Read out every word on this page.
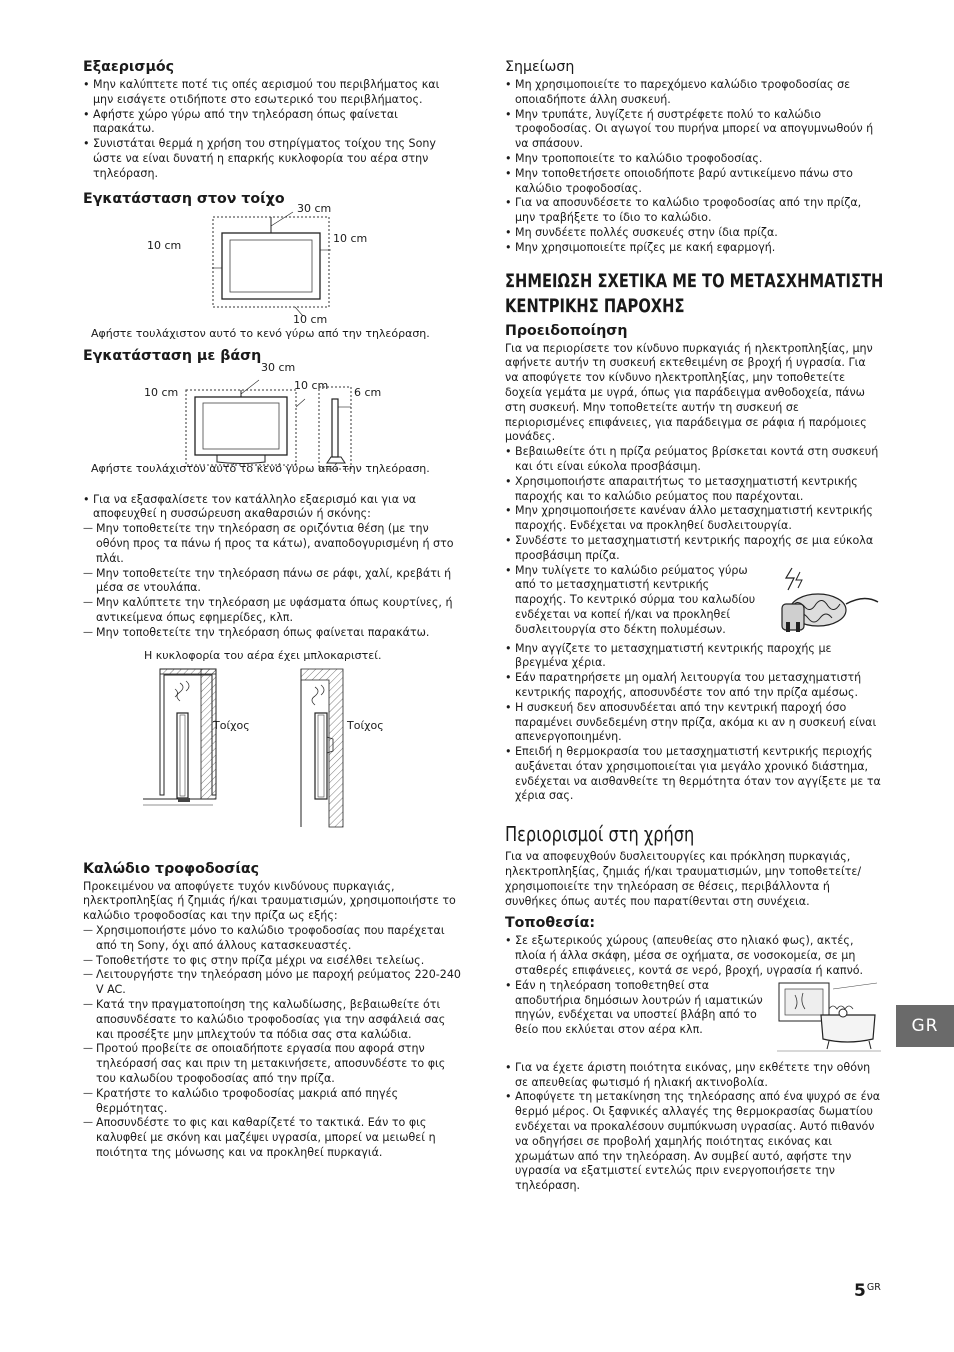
Εξαερισμός
• Μην καλύπτετε ποτέ τις οπές αερισμού του περιβλήματος και μην εισάγετε οτιδήποτε στο εσωτερικό του περιβλήματος.
• Αφήστε χώρο γύρω από την τηλεόραση όπως φαίνεται παρακάτω.
• Συνιστάται θερμά η χρήση του στηρίγματος τοίχου της Sony ώστε να είναι δυνατή η επαρκής κυκλοφορία του αέρα στην τηλεόραση.
Εγκατάσταση στον τοίχο
30 cm
10 cm
10 cm
10 cm
Αφήστε τουλάχιστον αυτό το κενό γύρω από την τηλεόραση.
Εγκατάσταση με βάση
30 cm
10 cm
10 cm
6 cm
Αφήστε τουλάχιστον αυτό το κενό γύρω από την τηλεόραση.
• Για να εξασφαλίσετε τον κατάλληλο εξαερισμό και για να αποφευχθεί η συσσώρευση ακαθαρσιών ή σκόνης:
— Μην τοποθετείτε την τηλεόραση σε οριζόντια θέση (με την οθόνη προς τα πάνω ή προς τα κάτω), αναποδογυρισμένη ή στο πλάι.
— Μην τοποθετείτε την τηλεόραση πάνω σε ράφι, χαλί, κρεβάτι ή μέσα σε ντουλάπα.
— Μην καλύπτετε την τηλεόραση με υφάσματα όπως κουρτίνες, ή αντικείμενα όπως εφημερίδες, κλπ.
— Μην τοποθετείτε την τηλεόραση όπως φαίνεται παρακάτω.
Η κυκλοφορία του αέρα έχει μπλοκαριστεί.
Τοίχος	Τοίχος
Καλώδιο τροφοδοσίας

Προκειμένου να αποφύγετε τυχόν κινδύνους πυρκαγιάς, ηλεκτροπληξίας ή ζημιάς ή/και τραυματισμών, χρησιμοποιήστε το καλώδιο τροφοδοσίας και την πρίζα ως εξής:

— Χρησιμοποιήστε μόνο το καλώδιο τροφοδοσίας που παρέχεται από τη Sony, όχι από άλλους κατασκευαστές.
— Τοποθετήστε το φις στην πρίζα μέχρι να εισέλθει τελείως.
— Λειτουργήστε την τηλεόραση μόνο με παροχή ρεύματος 220-240 V AC.
— Κατά την πραγματοποίηση της καλωδίωσης, βεβαιωθείτε ότι αποσυνδέσατε το καλώδιο τροφοδοσίας για την ασφάλειά σας και προσέξτε μην μπλεχτούν τα πόδια σας στα καλώδια.
— Προτού προβείτε σε οποιαδήποτε εργασία που αφορά στην τηλεόρασή σας και πριν τη μετακινήσετε, αποσυνδέστε το φις του καλωδίου τροφοδοσίας από την πρίζα.
— Κρατήστε το καλώδιο τροφοδοσίας μακριά από πηγές θερμότητας.
— Αποσυνδέστε το φις και καθαρίζετέ το τακτικά. Εάν το φις καλυφθεί με σκόνη και μαζέψει υγρασία, μπορεί να μειωθεί η ποιότητα της μόνωσης και να προκληθεί πυρκαγιά.
Σημείωση
• Μη χρησιμοποιείτε το παρεχόμενο καλώδιο τροφοδοσίας σε οποιαδήποτε άλλη συσκευή.
• Μην τρυπάτε, λυγίζετε ή συστρέφετε πολύ το καλώδιο τροφοδοσίας. Οι αγωγοί του πυρήνα μπορεί να απογυμνωθούν ή να σπάσουν.
• Μην τροποποιείτε το καλώδιο τροφοδοσίας.
• Μην τοποθετήσετε οποιοδήποτε βαρύ αντικείμενο πάνω στο καλώδιο τροφοδοσίας.
• Για να αποσυνδέσετε το καλώδιο τροφοδοσίας από την πρίζα, μην τραβήξετε το ίδιο το καλώδιο.
• Μη συνδέετε πολλές συσκευές στην ίδια πρίζα.
• Μην χρησιμοποιείτε πρίζες με κακή εφαρμογή.
ΣΗΜΕΙΩΣΗ ΣΧΕΤΙΚΑ ΜΕ ΤΟ ΜΕΤΑΣΧΗΜΑΤΙΣΤΗ
ΚΕΝΤΡΙΚΗΣ ΠΑΡΟΧΗΣ
Προειδοποίηση

Για να περιορίσετε τον κίνδυνο πυρκαγιάς ή ηλεκτροπληξίας, μην αφήνετε αυτήν τη συσκευή εκτεθειμένη σε βροχή ή υγρασία. Για να αποφύγετε τον κίνδυνο ηλεκτροπληξίας, μην τοποθετείτε δοχεία γεμάτα με υγρά, όπως για παράδειγμα ανθοδοχεία, πάνω στη συσκευή. Μην τοποθετείτε αυτήν τη συσκευή σε περιορισμένες επιφάνειες, για παράδειγμα σε ράφια ή παρόμοιες μονάδες.

• Βεβαιωθείτε ότι η πρίζα ρεύματος βρίσκεται κοντά στη συσκευή και ότι είναι εύκολα προσβάσιμη.
• Χρησιμοποιήστε απαραιτήτως το μετασχηματιστή κεντρικής παροχής και το καλώδιο ρεύματος που παρέχονται.
• Μην χρησιμοποιήσετε κανέναν άλλο μετασχηματιστή κεντρικής παροχής. Ενδέχεται να προκληθεί δυσλειτουργία.
• Συνδέστε το μετασχηματιστή κεντρικής παροχής σε μια εύκολα προσβάσιμη πρίζα.
• Μην τυλίγετε το καλώδιο ρεύματος γύρω από το μετασχηματιστή κεντρικής παροχής. Το κεντρικό σύρμα του καλωδίου ενδέχεται να κοπεί ή/και να προκληθεί δυσλειτουργία στο δέκτη πολυμέσων.
• Μην αγγίζετε το μετασχηματιστή κεντρικής παροχής με βρεγμένα χέρια.
• Εάν παρατηρήσετε μη ομαλή λειτουργία του μετασχηματιστή κεντρικής παροχής, αποσυνδέστε τον από την πρίζα αμέσως.
• Η συσκευή δεν αποσυνδέεται από την κεντρική παροχή όσο παραμένει συνδεδεμένη στην πρίζα, ακόμα κι αν η συσκευή είναι απενεργοποιημένη.
• Επειδή η θερμοκρασία του μετασχηματιστή κεντρικής περιοχής αυξάνεται όταν χρησιμοποιείται για μεγάλο χρονικό διάστημα, ενδέχεται να αισθανθείτε τη θερμότητα όταν τον αγγίξετε με τα χέρια σας.
Περιορισμοί στη χρήση

Για να αποφευχθούν δυσλειτουργίες και πρόκληση πυρκαγιάς, ηλεκτροπληξίας, ζημιάς ή/και τραυματισμών, μην τοποθετείτε/χρησιμοποιείτε την τηλεόραση σε θέσεις, περιβάλλοντα ή συνθήκες όπως αυτές που παρατίθενται στη συνέχεια.

Τοποθεσία:
• Σε εξωτερικούς χώρους (απευθείας στο ηλιακό φως), ακτές, πλοία ή άλλα σκάφη, μέσα σε οχήματα, σε νοσοκομεία, σε μη σταθερές επιφάνειες, κοντά σε νερό, βροχή, υγρασία ή καπνό.
• Εάν η τηλεόραση τοποθετηθεί στα αποδυτήρια δημόσιων λουτρών ή ιαματικών πηγών, ενδέχεται να υποστεί βλάβη από το θείο που εκλύεται στον αέρα κλπ.
• Για να έχετε άριστη ποιότητα εικόνας, μην εκθέτετε την οθόνη σε απευθείας φωτισμό ή ηλιακή ακτινοβολία.
• Αποφύγετε τη μετακίνηση της τηλεόρασης από ένα ψυχρό σε ένα θερμό μέρος. Οι ξαφνικές αλλαγές της θερμοκρασίας δωματίου ενδέχεται να προκαλέσουν συμπύκνωση υγρασίας. Αυτό πιθανόν να οδηγήσει σε προβολή χαμηλής ποιότητας εικόνας και χρωμάτων από την τηλεόραση. Αν συμβεί αυτό, αφήστε την υγρασία να εξατμιστεί εντελώς πριν ενεργοποιήσετε την τηλεόραση.
GR
$5^{GR}$
